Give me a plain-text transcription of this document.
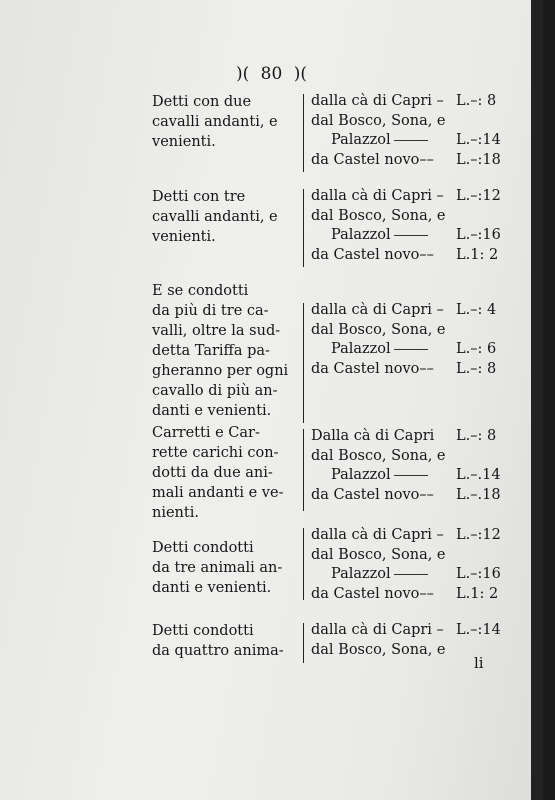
)( 80 )(
Detti con due
cavalli andanti, e
venienti.
dalla cà di Capri – L.–: 8
dal Bosco, Sona, e
Palazzol	L.–:14
da Castel novo–– L.–:18
Detti con tre
cavalli andanti, e
venienti.
dalla cà di Capri – L.–:12
dal Bosco, Sona, e
Palazzol	L.–:16
da Castel novo–– L.1: 2
E se condotti
da più di tre ca-
valli, oltre la sud-
detta Tariffa pa-
gheranno per ogni
cavallo di più an-
danti e venienti.
dalla cà di Capri – L.–: 4
dal Bosco, Sona, e
Palazzol	L.–: 6
da Castel novo–– L.–: 8
Carretti e Car-
rette carichi con-
dotti da due ani-
mali andanti e ve-
nienti.
Dalla cà di Capri L.–: 8
dal Bosco, Sona, e
Palazzol	L.–.14
da Castel novo–– L.–.18
Detti condotti
da tre animali an-
danti e venienti.
dalla cà di Capri – L.–:12
dal Bosco, Sona, e
Palazzol	L.–:16
da Castel novo–– L.1: 2
Detti condotti
da quattro anima-
dalla cà di Capri – L.–:14
dal Bosco, Sona, e
li
